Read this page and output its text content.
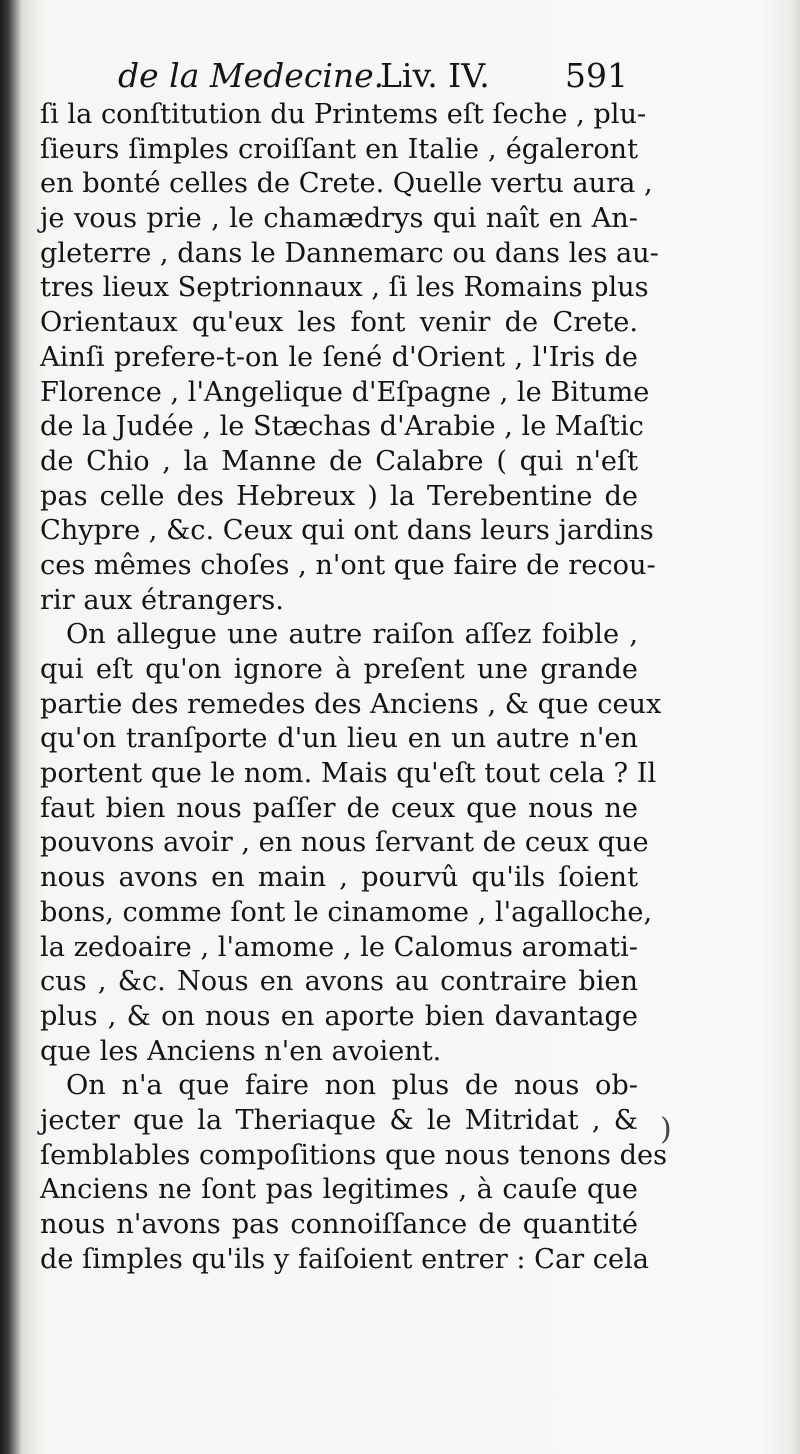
de la Medecine.
Liv. IV. 591
ſi la conſtitution du Printems eſt ſeche , plu-
ſieurs ſimples croiſſant en Italie , égaleront
en bonté celles de Crete. Quelle vertu aura ,
je vous prie , le chamædrys qui naît en An-
gleterre , dans le Dannemarc ou dans les au-
tres lieux Septrionnaux , ſi les Romains plus
Orientaux qu'eux les font venir de Crete.
Ainſi prefere-t-on le ſené d'Orient , l'Iris de
Florence , l'Angelique d'Eſpagne , le Bitume
de la Judée , le Stæchas d'Arabie , le Maſtic
de Chio , la Manne de Calabre ( qui n'eſt
pas celle des Hebreux ) la Terebentine de
Chypre , &c. Ceux qui ont dans leurs jardins
ces mêmes choſes , n'ont que faire de recou-
rir aux étrangers.
On allegue une autre raiſon aſſez foible ,
qui eſt qu'on ignore à preſent une grande
partie des remedes des Anciens , & que ceux
qu'on tranſporte d'un lieu en un autre n'en
portent que le nom. Mais qu'eſt tout cela ? Il
faut bien nous paſſer de ceux que nous ne
pouvons avoir , en nous ſervant de ceux que
nous avons en main , pourvû qu'ils ſoient
bons, comme ſont le cinamome , l'agalloche,
la zedoaire , l'amome , le Calomus aromati-
cus , &c. Nous en avons au contraire bien
plus , & on nous en aporte bien davantage
que les Anciens n'en avoient.
On n'a que faire non plus de nous ob-
jecter que la Theriaque & le Mitridat , &
ſemblables compoſitions que nous tenons des
Anciens ne ſont pas legitimes , à cauſe que
nous n'avons pas connoiſſance de quantité
de ſimples qu'ils y faiſoient entrer : Car cela
)
